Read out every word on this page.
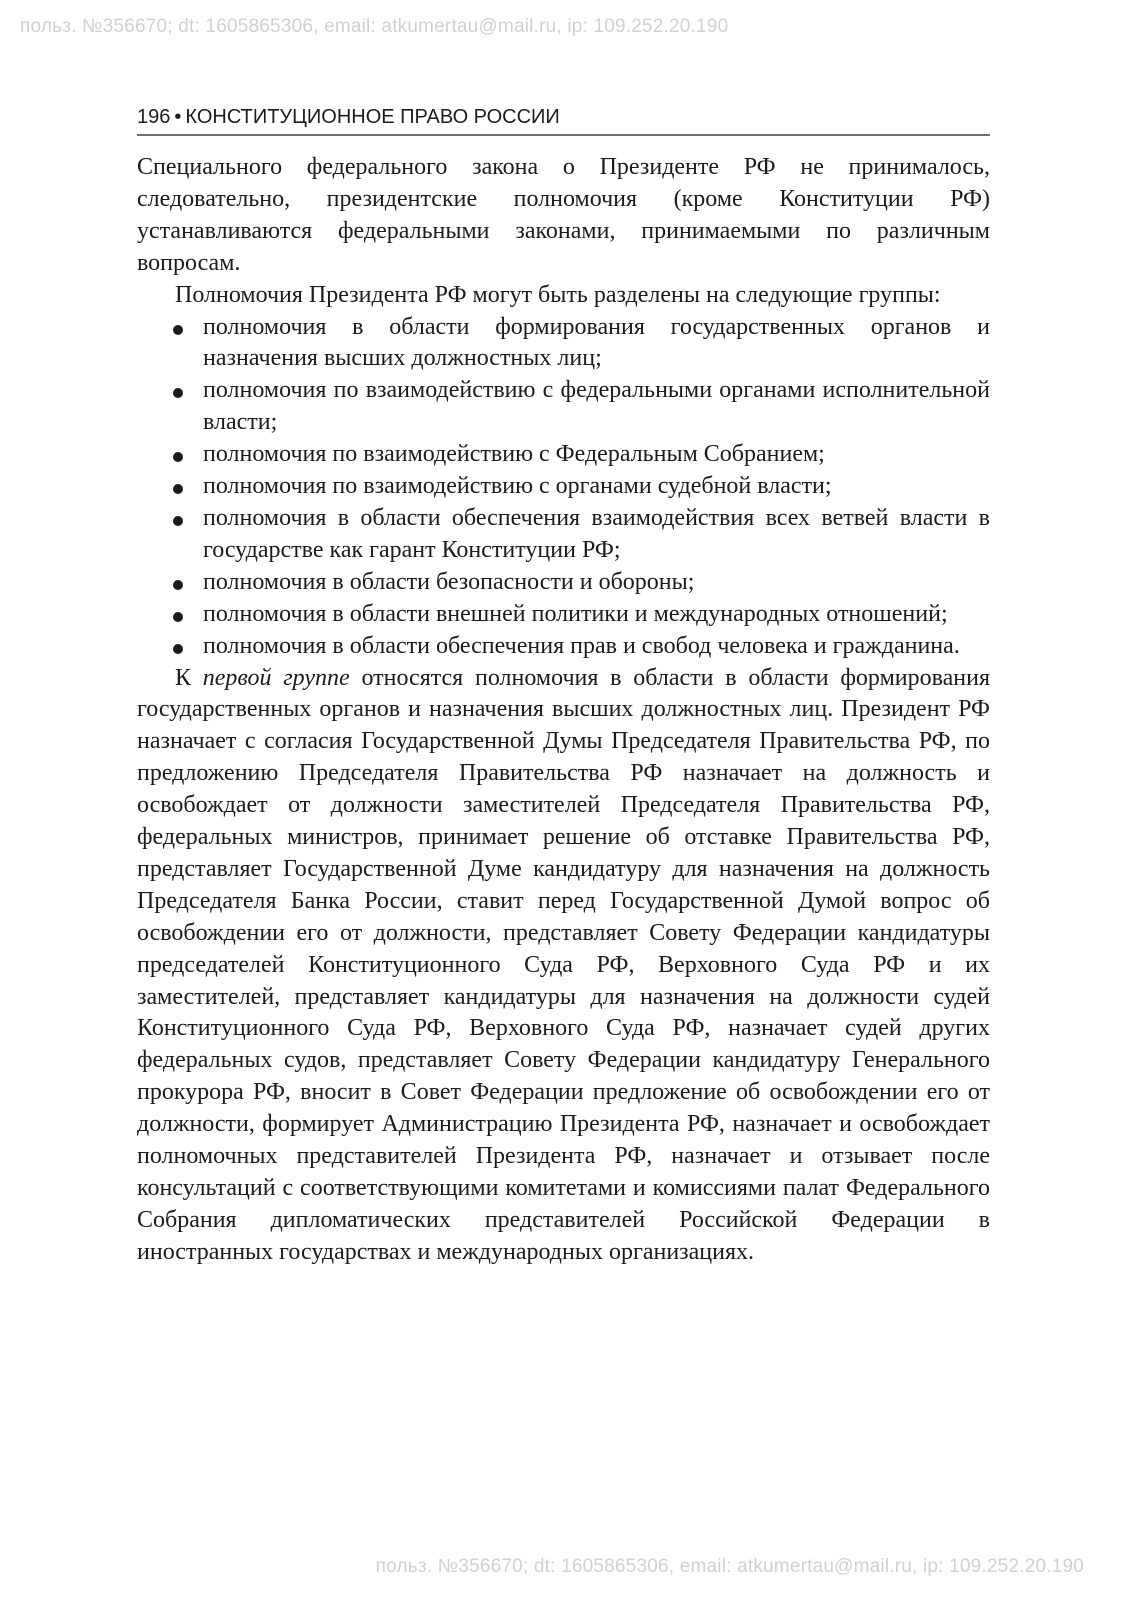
польз. №356670; dt: 1605865306, email: atkumertau@mail.ru, ip: 109.252.20.190
196 • КОНСТИТУЦИОННОЕ ПРАВО РОССИИ

Специального федерального закона о Президенте РФ не принималось, следовательно, президентские полномочия (кроме Конституции РФ) устанавливаются федеральными законами, принимаемыми по различным вопросам.

Полномочия Президента РФ могут быть разделены на следующие группы:

полномочия в области формирования государственных органов и назначения высших должностных лиц;
полномочия по взаимодействию с федеральными органами исполнительной власти;
полномочия по взаимодействию с Федеральным Собранием;
полномочия по взаимодействию с органами судебной власти;
полномочия в области обеспечения взаимодействия всех ветвей власти в государстве как гарант Конституции РФ;
полномочия в области безопасности и обороны;
полномочия в области внешней политики и международных отношений;
полномочия в области обеспечения прав и свобод человека и гражданина.

К первой группе относятся полномочия в области в области формирования государственных органов и назначения высших должностных лиц. Президент РФ назначает с согласия Государственной Думы Председателя Правительства РФ, по предложению Председателя Правительства РФ назначает на должность и освобождает от должности заместителей Председателя Правительства РФ, федеральных министров, принимает решение об отставке Правительства РФ, представляет Государственной Думе кандидатуру для назначения на должность Председателя Банка России, ставит перед Государственной Думой вопрос об освобождении его от должности, представляет Совету Федерации кандидатуры председателей Конституционного Суда РФ, Верховного Суда РФ и их заместителей, представляет кандидатуры для назначения на должности судей Конституционного Суда РФ, Верховного Суда РФ, назначает судей других федеральных судов, представляет Совету Федерации кандидатуру Генерального прокурора РФ, вносит в Совет Федерации предложение об освобождении его от должности, формирует Администрацию Президента РФ, назначает и освобождает полномочных представителей Президента РФ, назначает и отзывает после консультаций с соответствующими комитетами и комиссиями палат Федерального Собрания дипломатических представителей Российской Федерации в иностранных государствах и международных организациях.

польз. №356670; dt: 1605865306, email: atkumertau@mail.ru, ip: 109.252.20.190
